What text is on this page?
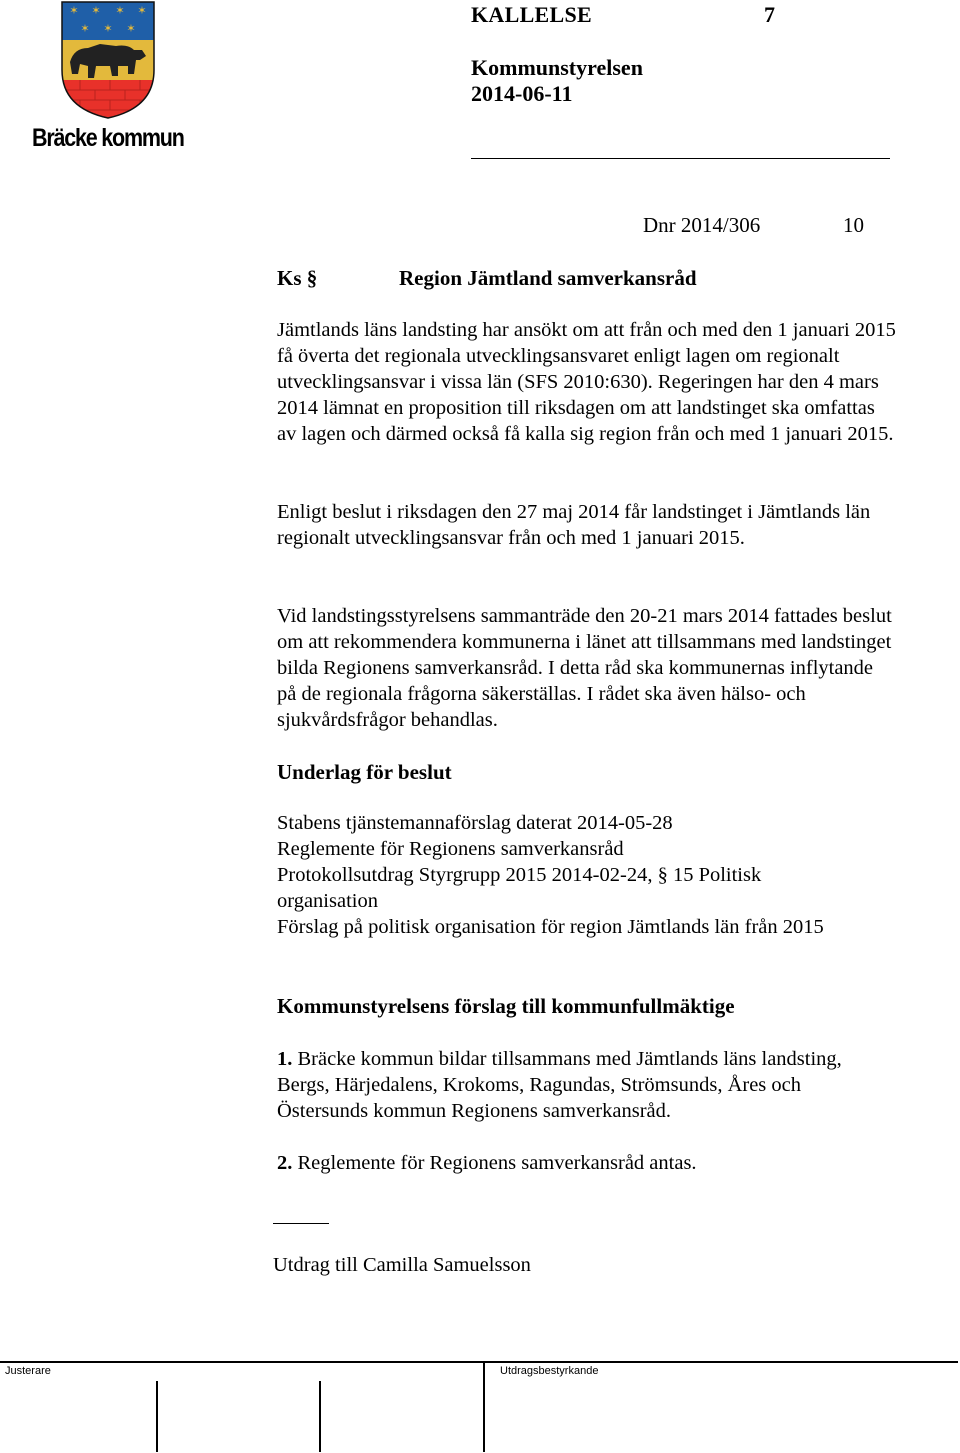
✶ ✶ ✶ ✶
✶ ✶ ✶
Bräcke kommun
KALLELSE	7
Kommunstyrelsen
2014-06-11
Dnr 2014/306	10
Ks §	Region Jämtland samverkansråd

Jämtlands läns landsting har ansökt om att från och med den 1 januari 2015 få överta det regionala utvecklingsansvaret enligt lagen om regionalt utvecklingsansvar i vissa län (SFS 2010:630). Regeringen har den 4 mars 2014 lämnat en proposition till riksdagen om att landstinget ska omfattas av lagen och därmed också få kalla sig region från och med 1 januari 2015.

Enligt beslut i riksdagen den 27 maj 2014 får landstinget i Jämtlands län regionalt utvecklingsansvar från och med 1 januari 2015.

Vid landstingsstyrelsens sammanträde den 20-21 mars 2014 fattades beslut om att rekommendera kommunerna i länet att tillsammans med landstinget bilda Regionens samverkansråd. I detta råd ska kommunernas inflytande på de regionala frågorna säkerställas. I rådet ska även hälso- och sjukvårdsfrågor behandlas.

Underlag för beslut
Stabens tjänstemannaförslag daterat 2014-05-28
Reglemente för Regionens samverkansråd
Protokollsutdrag Styrgrupp 2015 2014-02-24, § 15 Politisk
organisation
Förslag på politisk organisation för region Jämtlands län från 2015
Kommunstyrelsens förslag till kommunfullmäktige

1. Bräcke kommun bildar tillsammans med Jämtlands läns landsting, Bergs, Härjedalens, Krokoms, Ragundas, Strömsunds, Åres och Östersunds kommun Regionens samverkansråd.

2. Reglemente för Regionens samverkansråd antas.

Utdrag till Camilla Samuelsson
Justerare	Utdragsbestyrkande
